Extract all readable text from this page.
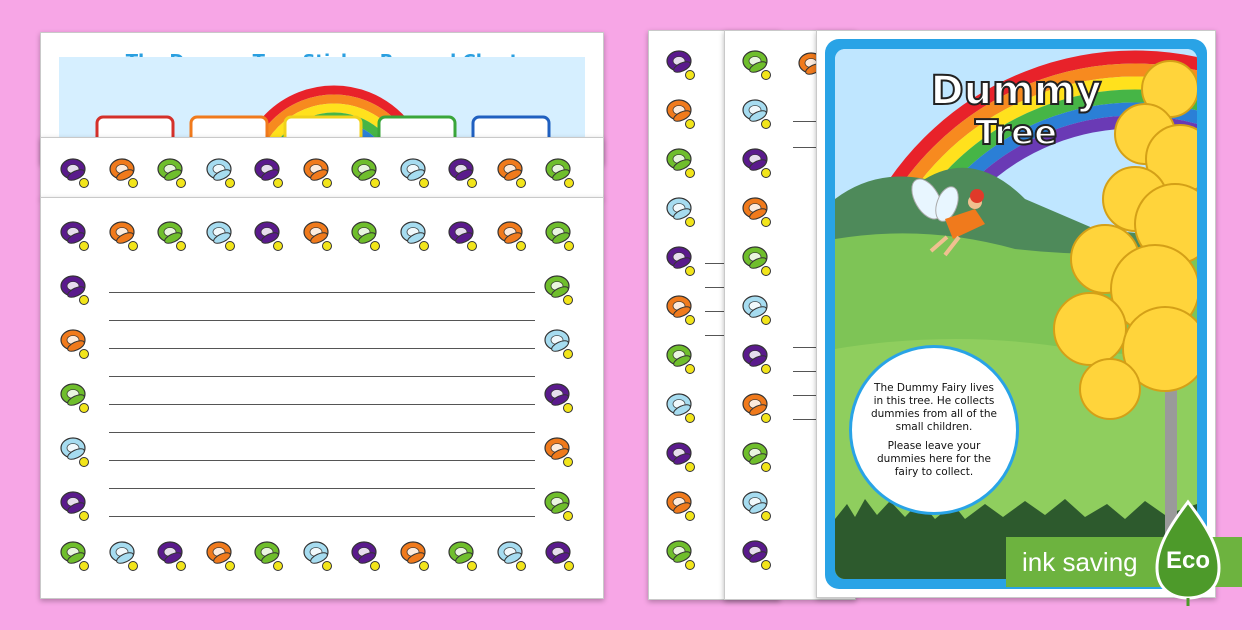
Dummy
Tree
The Dummy Fairy lives in this tree. He collects dummies from all of the small children.
Please leave your dummies here for the fairy to collect.
ink saving Eco
